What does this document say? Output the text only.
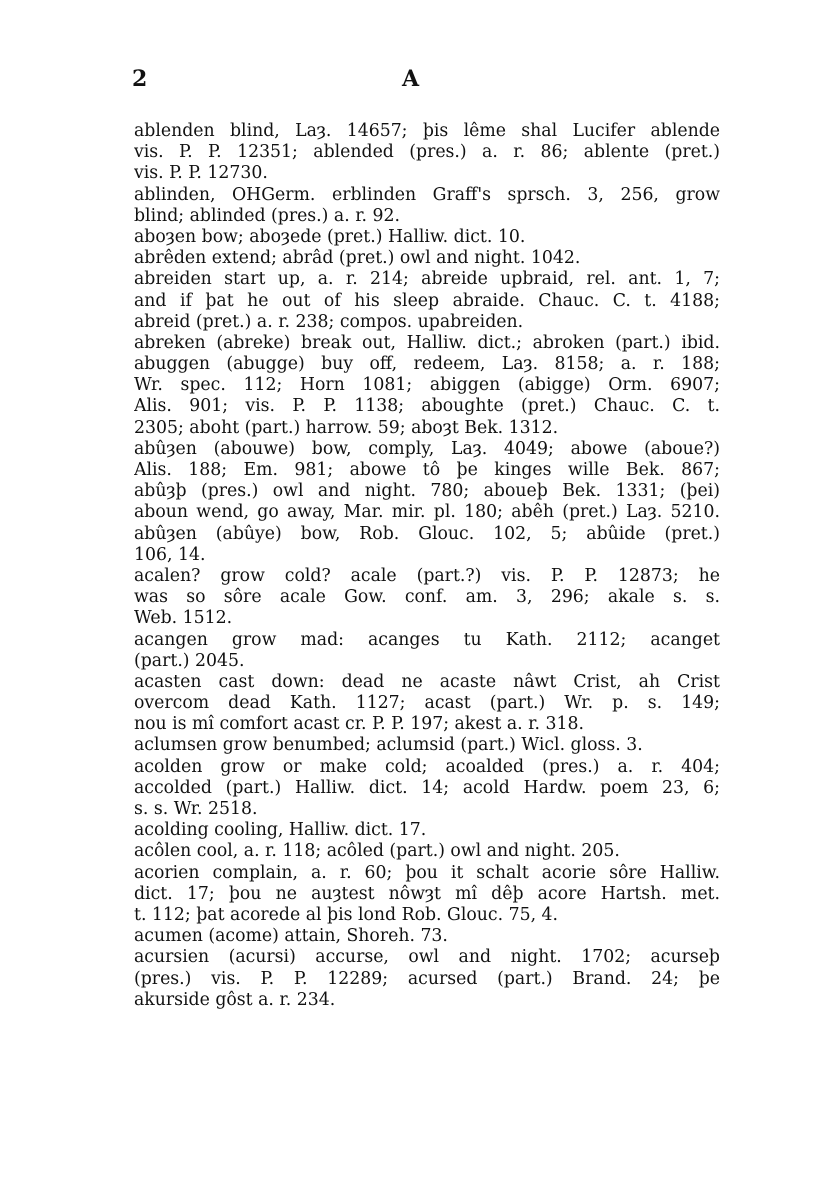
2	A
ablenden blind, Laȝ. 14657; þis lême shal Lucifer ablende
vis. P. P. 12351; ablended (pres.) a. r. 86; ablente (pret.)
vis. P. P. 12730.
ablinden, OHGerm. erblinden Graff's sprsch. 3, 256, grow
blind; ablinded (pres.) a. r. 92.
aboȝen bow; aboȝede (pret.) Halliw. dict. 10.
abrêden extend; abrâd (pret.) owl and night. 1042.
abreiden start up, a. r. 214; abreide upbraid, rel. ant. 1, 7;
and if þat he out of his sleep abraide. Chauc. C. t. 4188;
abreid (pret.) a. r. 238; compos. upabreiden.
abreken (abreke) break out, Halliw. dict.; abroken (part.) ibid.
abuggen (abugge) buy off, redeem, Laȝ. 8158; a. r. 188;
Wr. spec. 112; Horn 1081; abiggen (abigge) Orm. 6907;
Alis. 901; vis. P. P. 1138; aboughte (pret.) Chauc. C. t.
2305; aboht (part.) harrow. 59; aboȝt Bek. 1312.
abûȝen (abouwe) bow, comply, Laȝ. 4049; abowe (aboue?)
Alis. 188; Em. 981; abowe tô þe kinges wille Bek. 867;
abûȝþ (pres.) owl and night. 780; abouеþ Bek. 1331; (þei)
aboun wend, go away, Mar. mir. pl. 180; abêh (pret.) Laȝ. 5210.
abûȝen (abûye) bow, Rob. Glouc. 102, 5; abûide (pret.)
106, 14.
acalen? grow cold? acale (part.?) vis. P. P. 12873; he
was so sôre acale Gow. conf. am. 3, 296; akale s. s.
Web. 1512.
acangen grow mad: acanges tu Kath. 2112; acanget
(part.) 2045.
acasten cast down: dead ne acaste nâwt Crist, ah Crist
overcom dead Kath. 1127; acast (part.) Wr. p. s. 149;
nou is mî comfort acast cr. P. P. 197; akest a. r. 318.
aclumsen grow benumbed; aclumsid (part.) Wicl. gloss. 3.
acolden grow or make cold; acoalded (pres.) a. r. 404;
accolded (part.) Halliw. dict. 14; acold Hardw. poem 23, 6;
s. s. Wr. 2518.
acolding cooling, Halliw. dict. 17.
acôlen cool, a. r. 118; acôled (part.) owl and night. 205.
acorien complain, a. r. 60; þou it schalt acorie sôre Halliw.
dict. 17; þou ne auȝtest nôwȝt mî dêþ acore Hartsh. met.
t. 112; þat acorede al þis lond Rob. Glouc. 75, 4.
acumen (acome) attain, Shoreh. 73.
acursien (acursi) accurse, owl and night. 1702; acurseþ
(pres.) vis. P. P. 12289; acursed (part.) Brand. 24; þe
akurside gôst a. r. 234.
